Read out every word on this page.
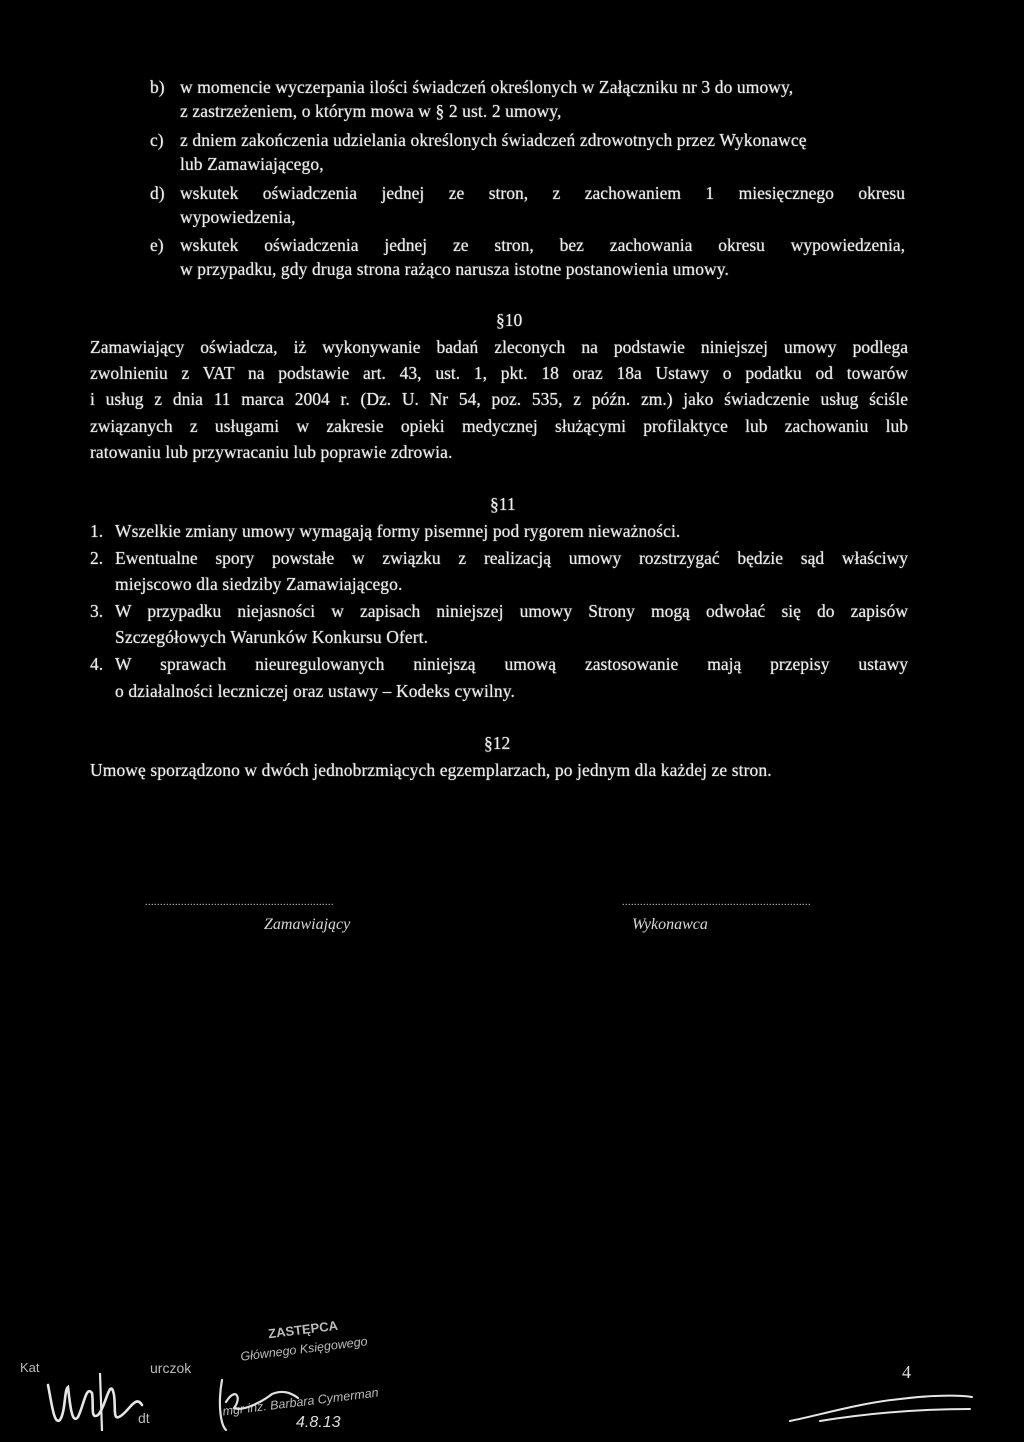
b) w momencie wyczerpania ilości świadczeń określonych w Załączniku nr 3 do umowy,
z zastrzeżeniem, o którym mowa w § 2 ust. 2 umowy,
c) z dniem zakończenia udzielania określonych świadczeń zdrowotnych przez Wykonawcę
lub Zamawiającego,
d) wskutek oświadczenia jednej ze stron, z zachowaniem 1 miesięcznego okresu
wypowiedzenia,
e) wskutek oświadczenia jednej ze stron, bez zachowania okresu wypowiedzenia,
w przypadku, gdy druga strona rażąco narusza istotne postanowienia umowy.
§10
Zamawiający oświadcza, iż wykonywanie badań zleconych na podstawie niniejszej umowy podlega
zwolnieniu z VAT na podstawie art. 43, ust. 1, pkt. 18 oraz 18a Ustawy o podatku od towarów
i usług z dnia 11 marca 2004 r. (Dz. U. Nr 54, poz. 535, z późn. zm.) jako świadczenie usług ściśle
związanych z usługami w zakresie opieki medycznej służącymi profilaktyce lub zachowaniu lub
ratowaniu lub przywracaniu lub poprawie zdrowia.
§11
1. Wszelkie zmiany umowy wymagają formy pisemnej pod rygorem nieważności.
2. Ewentualne spory powstałe w związku z realizacją umowy rozstrzygać będzie sąd właściwy
miejscowo dla siedziby Zamawiającego.
3. W przypadku niejasności w zapisach niniejszej umowy Strony mogą odwołać się do zapisów
Szczegółowych Warunków Konkursu Ofert.
4. W sprawach nieuregulowanych niniejszą umową zastosowanie mają przepisy ustawy
o działalności leczniczej oraz ustawy – Kodeks cywilny.
§12
Umowę sporządzono w dwóch jednobrzmiących egzemplarzach, po jednym dla każdej ze stron.
...............................................................	...............................................................
Zamawiający	Wykonawca
Kat	urczok
dt
ZASTĘPCA
Głównego Księgowego
mgr inż. Barbara Cymerman
4.8.13
4
